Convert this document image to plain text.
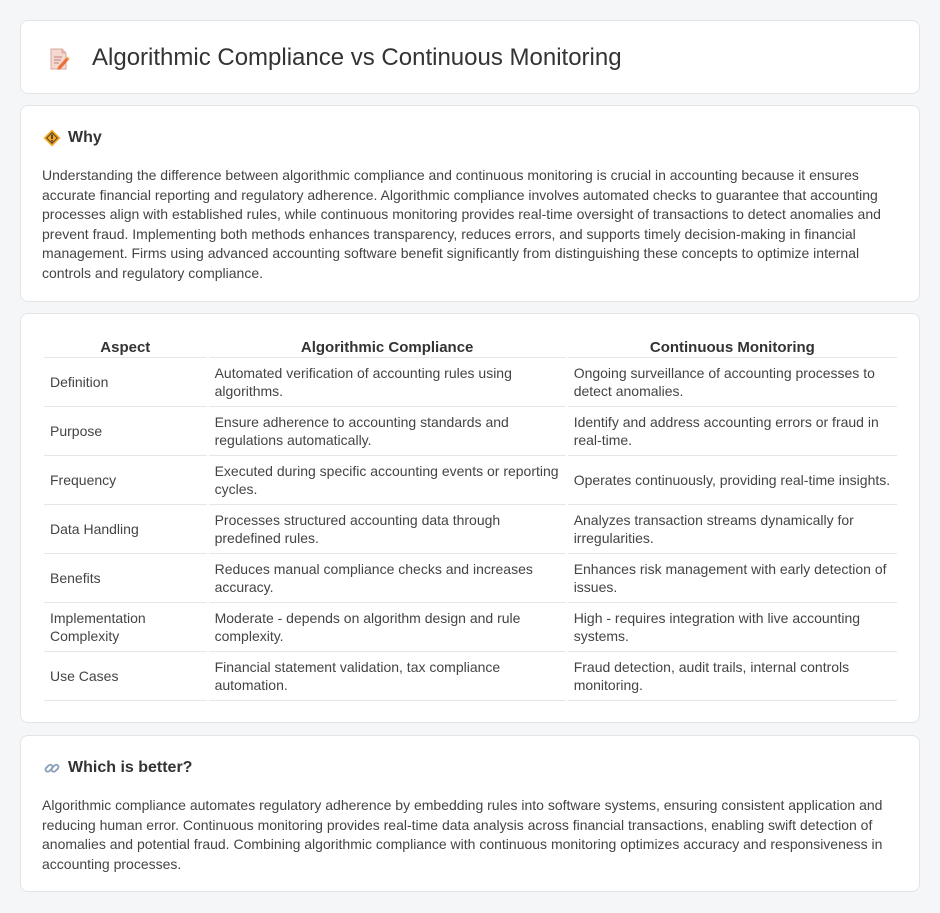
Algorithmic Compliance vs Continuous Monitoring
Why

Understanding the difference between algorithmic compliance and continuous monitoring is crucial in accounting because it ensures accurate financial reporting and regulatory adherence. Algorithmic compliance involves automated checks to guarantee that accounting processes align with established rules, while continuous monitoring provides real-time oversight of transactions to detect anomalies and prevent fraud. Implementing both methods enhances transparency, reduces errors, and supports timely decision-making in financial management. Firms using advanced accounting software benefit significantly from distinguishing these concepts to optimize internal controls and regulatory compliance.

Aspect	Algorithmic Compliance	Continuous Monitoring
Definition	Automated verification of accounting rules using algorithms.	Ongoing surveillance of accounting processes to detect anomalies.
Purpose	Ensure adherence to accounting standards and regulations automatically.	Identify and address accounting errors or fraud in real-time.
Frequency	Executed during specific accounting events or reporting cycles.	Operates continuously, providing real-time insights.
Data Handling	Processes structured accounting data through predefined rules.	Analyzes transaction streams dynamically for irregularities.
Benefits	Reduces manual compliance checks and increases accuracy.	Enhances risk management with early detection of issues.
Implementation Complexity	Moderate - depends on algorithm design and rule complexity.	High - requires integration with live accounting systems.
Use Cases	Financial statement validation, tax compliance automation.	Fraud detection, audit trails, internal controls monitoring.
Which is better?

Algorithmic compliance automates regulatory adherence by embedding rules into software systems, ensuring consistent application and reducing human error. Continuous monitoring provides real-time data analysis across financial transactions, enabling swift detection of anomalies and potential fraud. Combining algorithmic compliance with continuous monitoring optimizes accuracy and responsiveness in accounting processes.
